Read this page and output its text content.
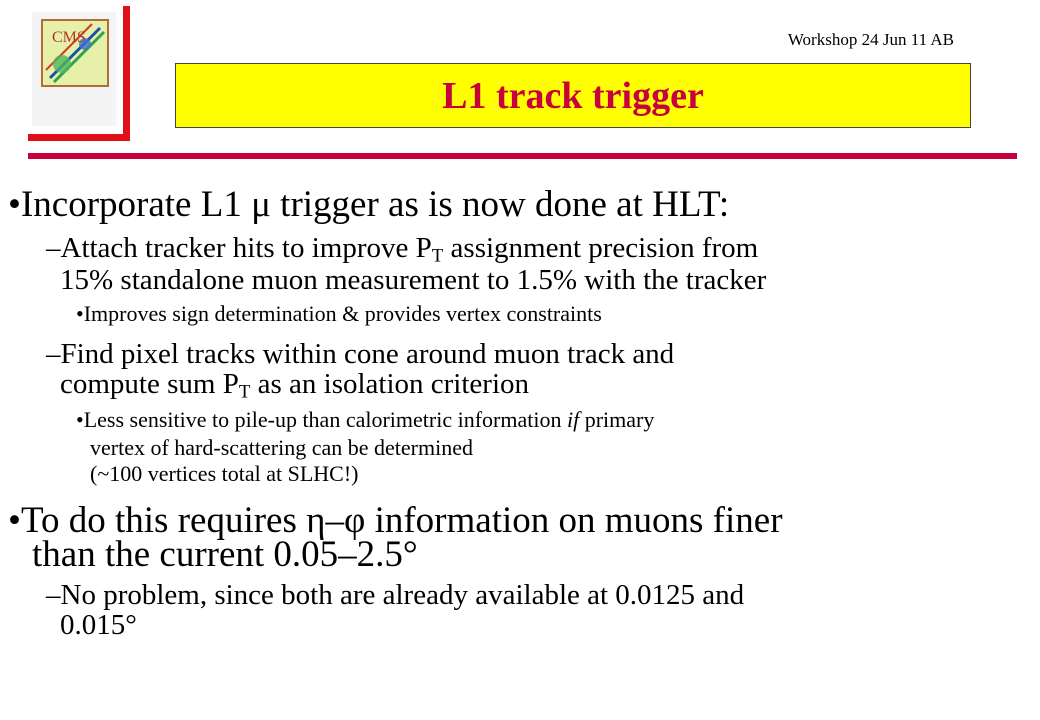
CMS	Workshop 24 Jun 11 AB
L1 track trigger
•Incorporate L1 μ trigger as is now done at HLT:
–Attach tracker hits to improve $P_T$ assignment precision from
15% standalone muon measurement to 1.5% with the tracker
•Improves sign determination & provides vertex constraints
–Find pixel tracks within cone around muon track and
compute sum $P_T$ as an isolation criterion
•Less sensitive to pile-up than calorimetric information if primary
vertex of hard-scattering can be determined
(~100 vertices total at SLHC!)
•To do this requires η–φ information on muons finer
than the current 0.05–2.5°
–No problem, since both are already available at 0.0125 and
0.015°
